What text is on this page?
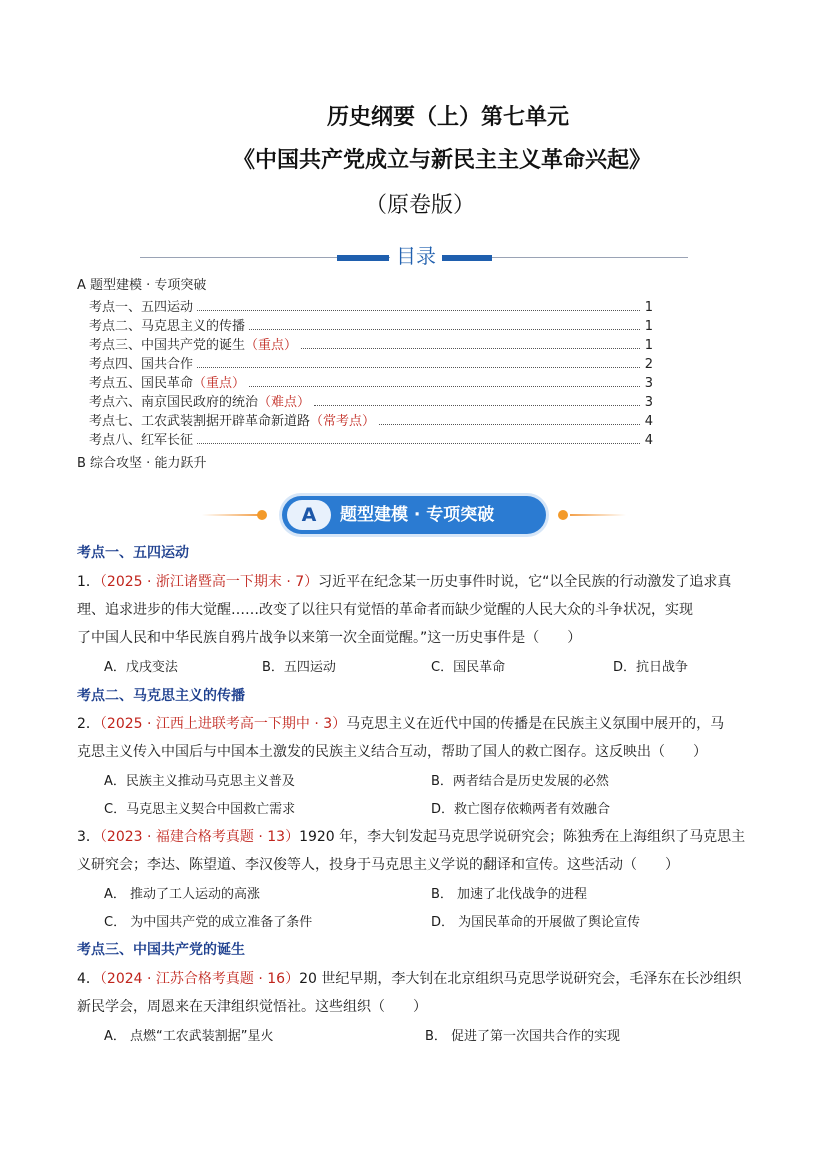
历史纲要（上）第七单元
《中国共产党成立与新民主主义革命兴起》
（原卷版）
目录
A 题型建模 · 专项突破
考点一、五四运动	1
考点二、马克思主义的传播	1
考点三、中国共产党的诞生 （重点）	1
考点四、国共合作	2
考点五、国民革命 （重点）	3
考点六、南京国民政府的统治 （难点）	3
考点七、工农武装割据开辟革命新道路 （常考点）	4
考点八、红军长征	4
B 综合攻坚 · 能力跃升
A	题型建模 · 专项突破
考点一、五四运动
1．（2025 · 浙江诸暨高一下期末 · 7）习近平在纪念某一历史事件时说，它“以全民族的行动激发了追求真
理、追求进步的伟大觉醒……改变了以往只有觉悟的革命者而缺少觉醒的人民大众的斗争状况，实现
了中国人民和中华民族自鸦片战争以来第一次全面觉醒。”这一历史事件是（　　）
A．戊戌变法	B．五四运动	C．国民革命	D．抗日战争
考点二、马克思主义的传播
2．（2025 · 江西上进联考高一下期中 · 3）马克思主义在近代中国的传播是在民族主义氛围中展开的，马
克思主义传入中国后与中国本土激发的民族主义结合互动，帮助了国人的救亡图存。这反映出（　　）
A．民族主义推动马克思主义普及	B．两者结合是历史发展的必然
C．马克思主义契合中国救亡需求	D．救亡图存依赖两者有效融合
3．（2023 · 福建合格考真题 · 13）1920 年，李大钊发起马克思学说研究会；陈独秀在上海组织了马克思主
义研究会；李达、陈望道、李汉俊等人，投身于马克思主义学说的翻译和宣传。这些活动（　　）
A． 推动了工人运动的高涨	B． 加速了北伐战争的进程
C． 为中国共产党的成立准备了条件	D． 为国民革命的开展做了舆论宣传
考点三、中国共产党的诞生
4．（2024 · 江苏合格考真题 · 16）20 世纪早期，李大钊在北京组织马克思学说研究会，毛泽东在长沙组织
新民学会，周恩来在天津组织觉悟社。这些组织（　　）
A． 点燃“工农武装割据”星火	B． 促进了第一次国共合作的实现
